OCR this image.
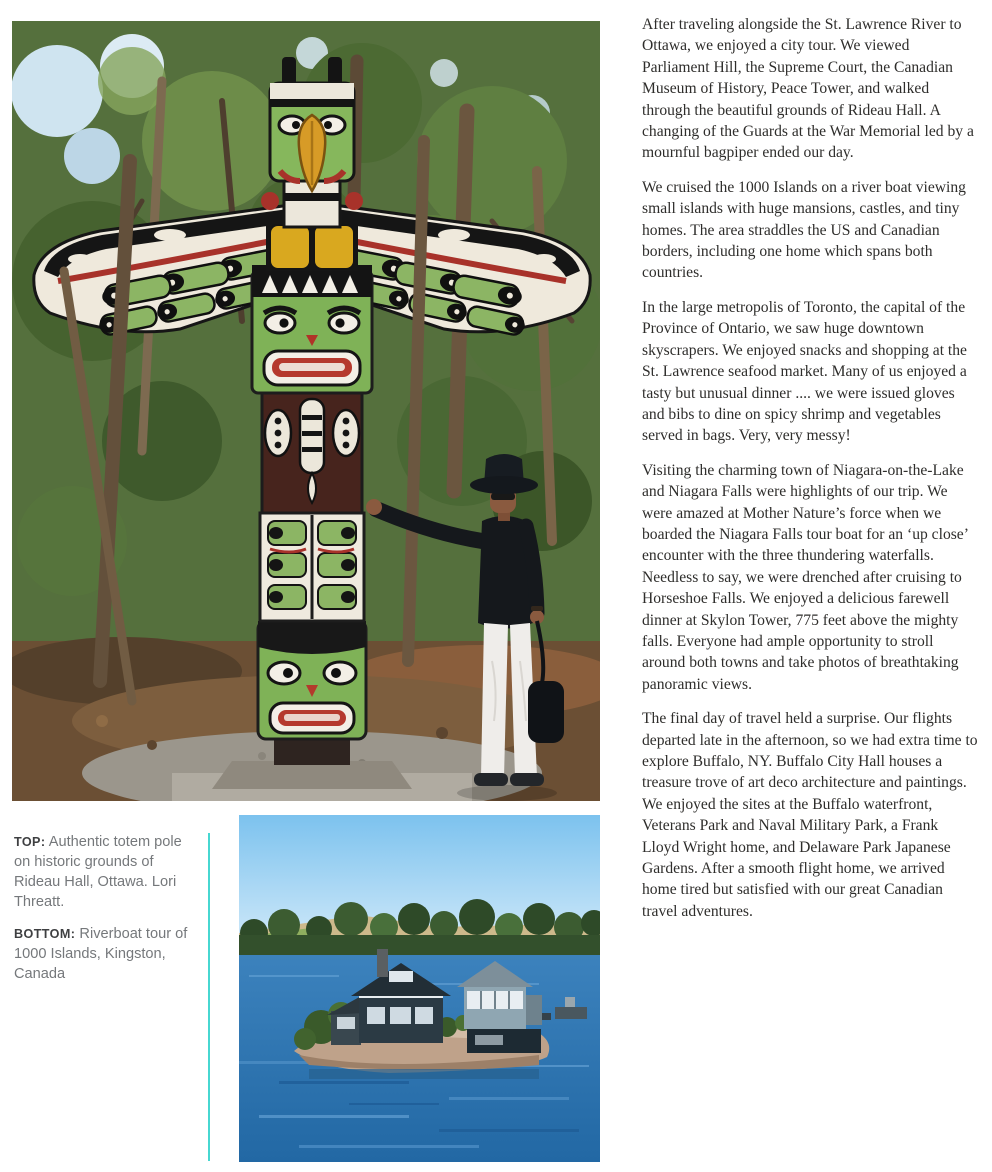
TOP: Authentic totem pole on historic grounds of Rideau Hall, Ottawa. Lori Threatt.

BOTTOM: Riverboat tour of 1000 Islands, Kingston, Canada

After traveling alongside the St. Lawrence River to Ottawa, we enjoyed a city tour. We viewed Parliament Hill, the Supreme Court, the Canadian Museum of History, Peace Tower, and walked through the beautiful grounds of Rideau Hall. A changing of the Guards at the War Memorial led by a mournful bagpiper ended our day.

We cruised the 1000 Islands on a river boat viewing small islands with huge mansions, castles, and tiny homes. The area straddles the US and Canadian borders, including one home which spans both countries.

In the large metropolis of Toronto, the capital of the Province of Ontario, we saw huge downtown skyscrapers. We enjoyed snacks and shopping at the St. Lawrence seafood market. Many of us enjoyed a tasty but unusual dinner .... we were issued gloves and bibs to dine on spicy shrimp and vegetables served in bags. Very, very messy!

Visiting the charming town of Niagara-on-the-Lake and Niagara Falls were highlights of our trip. We were amazed at Mother Nature’s force when we boarded the Niagara Falls tour boat for an ‘up close’ encounter with the three thundering waterfalls. Needless to say, we were drenched after cruising to Horseshoe Falls. We enjoyed a delicious farewell dinner at Skylon Tower, 775 feet above the mighty falls. Everyone had ample opportunity to stroll around both towns and take photos of breathtaking panoramic views.

The final day of travel held a surprise. Our flights departed late in the afternoon, so we had extra time to explore Buffalo, NY. Buffalo City Hall houses a treasure trove of art deco architecture and paintings. We enjoyed the sites at the Buffalo waterfront, Veterans Park and Naval Military Park, a Frank Lloyd Wright home, and Delaware Park Japanese Gardens. After a smooth flight home, we arrived home tired but satisfied with our great Canadian travel adventures.
